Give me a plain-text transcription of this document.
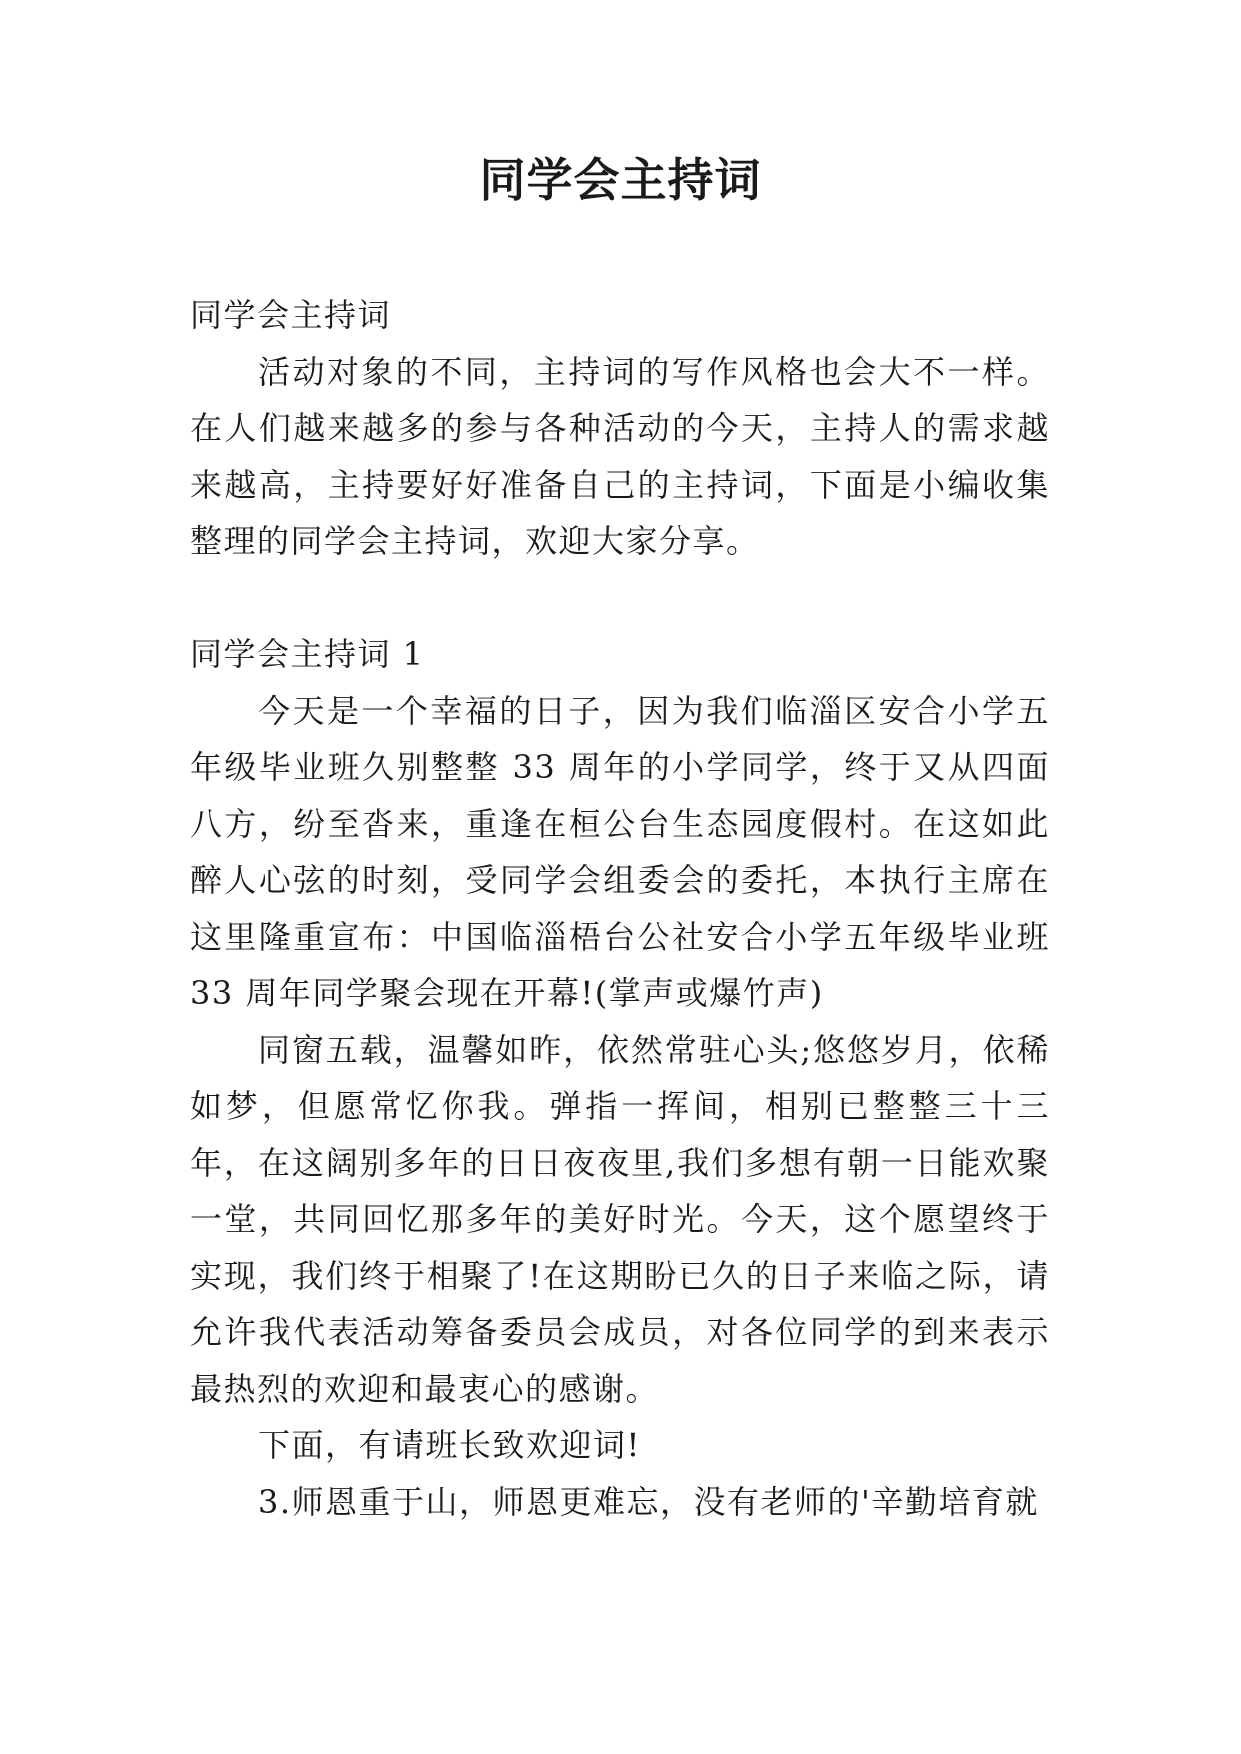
同学会主持词

同学会主持词

活动对象的不同，主持词的写作风格也会大不一样。在人们越来越多的参与各种活动的今天，主持人的需求越来越高，主持要好好准备自己的主持词，下面是小编收集整理的同学会主持词，欢迎大家分享。

同学会主持词 1

今天是一个幸福的日子，因为我们临淄区安合小学五年级毕业班久别整整 33 周年的小学同学，终于又从四面八方，纷至沓来，重逢在桓公台生态园度假村。在这如此醉人心弦的时刻，受同学会组委会的委托，本执行主席在这里隆重宣布：中国临淄梧台公社安合小学五年级毕业班 33 周年同学聚会现在开幕!(掌声或爆竹声)

同窗五载，温馨如昨，依然常驻心头;悠悠岁月，依稀如梦，但愿常忆你我。弹指一挥间，相别已整整三十三年，在这阔别多年的日日夜夜里,我们多想有朝一日能欢聚一堂，共同回忆那多年的美好时光。今天，这个愿望终于实现，我们终于相聚了!在这期盼已久的日子来临之际，请允许我代表活动筹备委员会成员，对各位同学的到来表示最热烈的欢迎和最衷心的感谢。

下面，有请班长致欢迎词!

3.师恩重于山，师恩更难忘，没有老师的'辛勤培育就
